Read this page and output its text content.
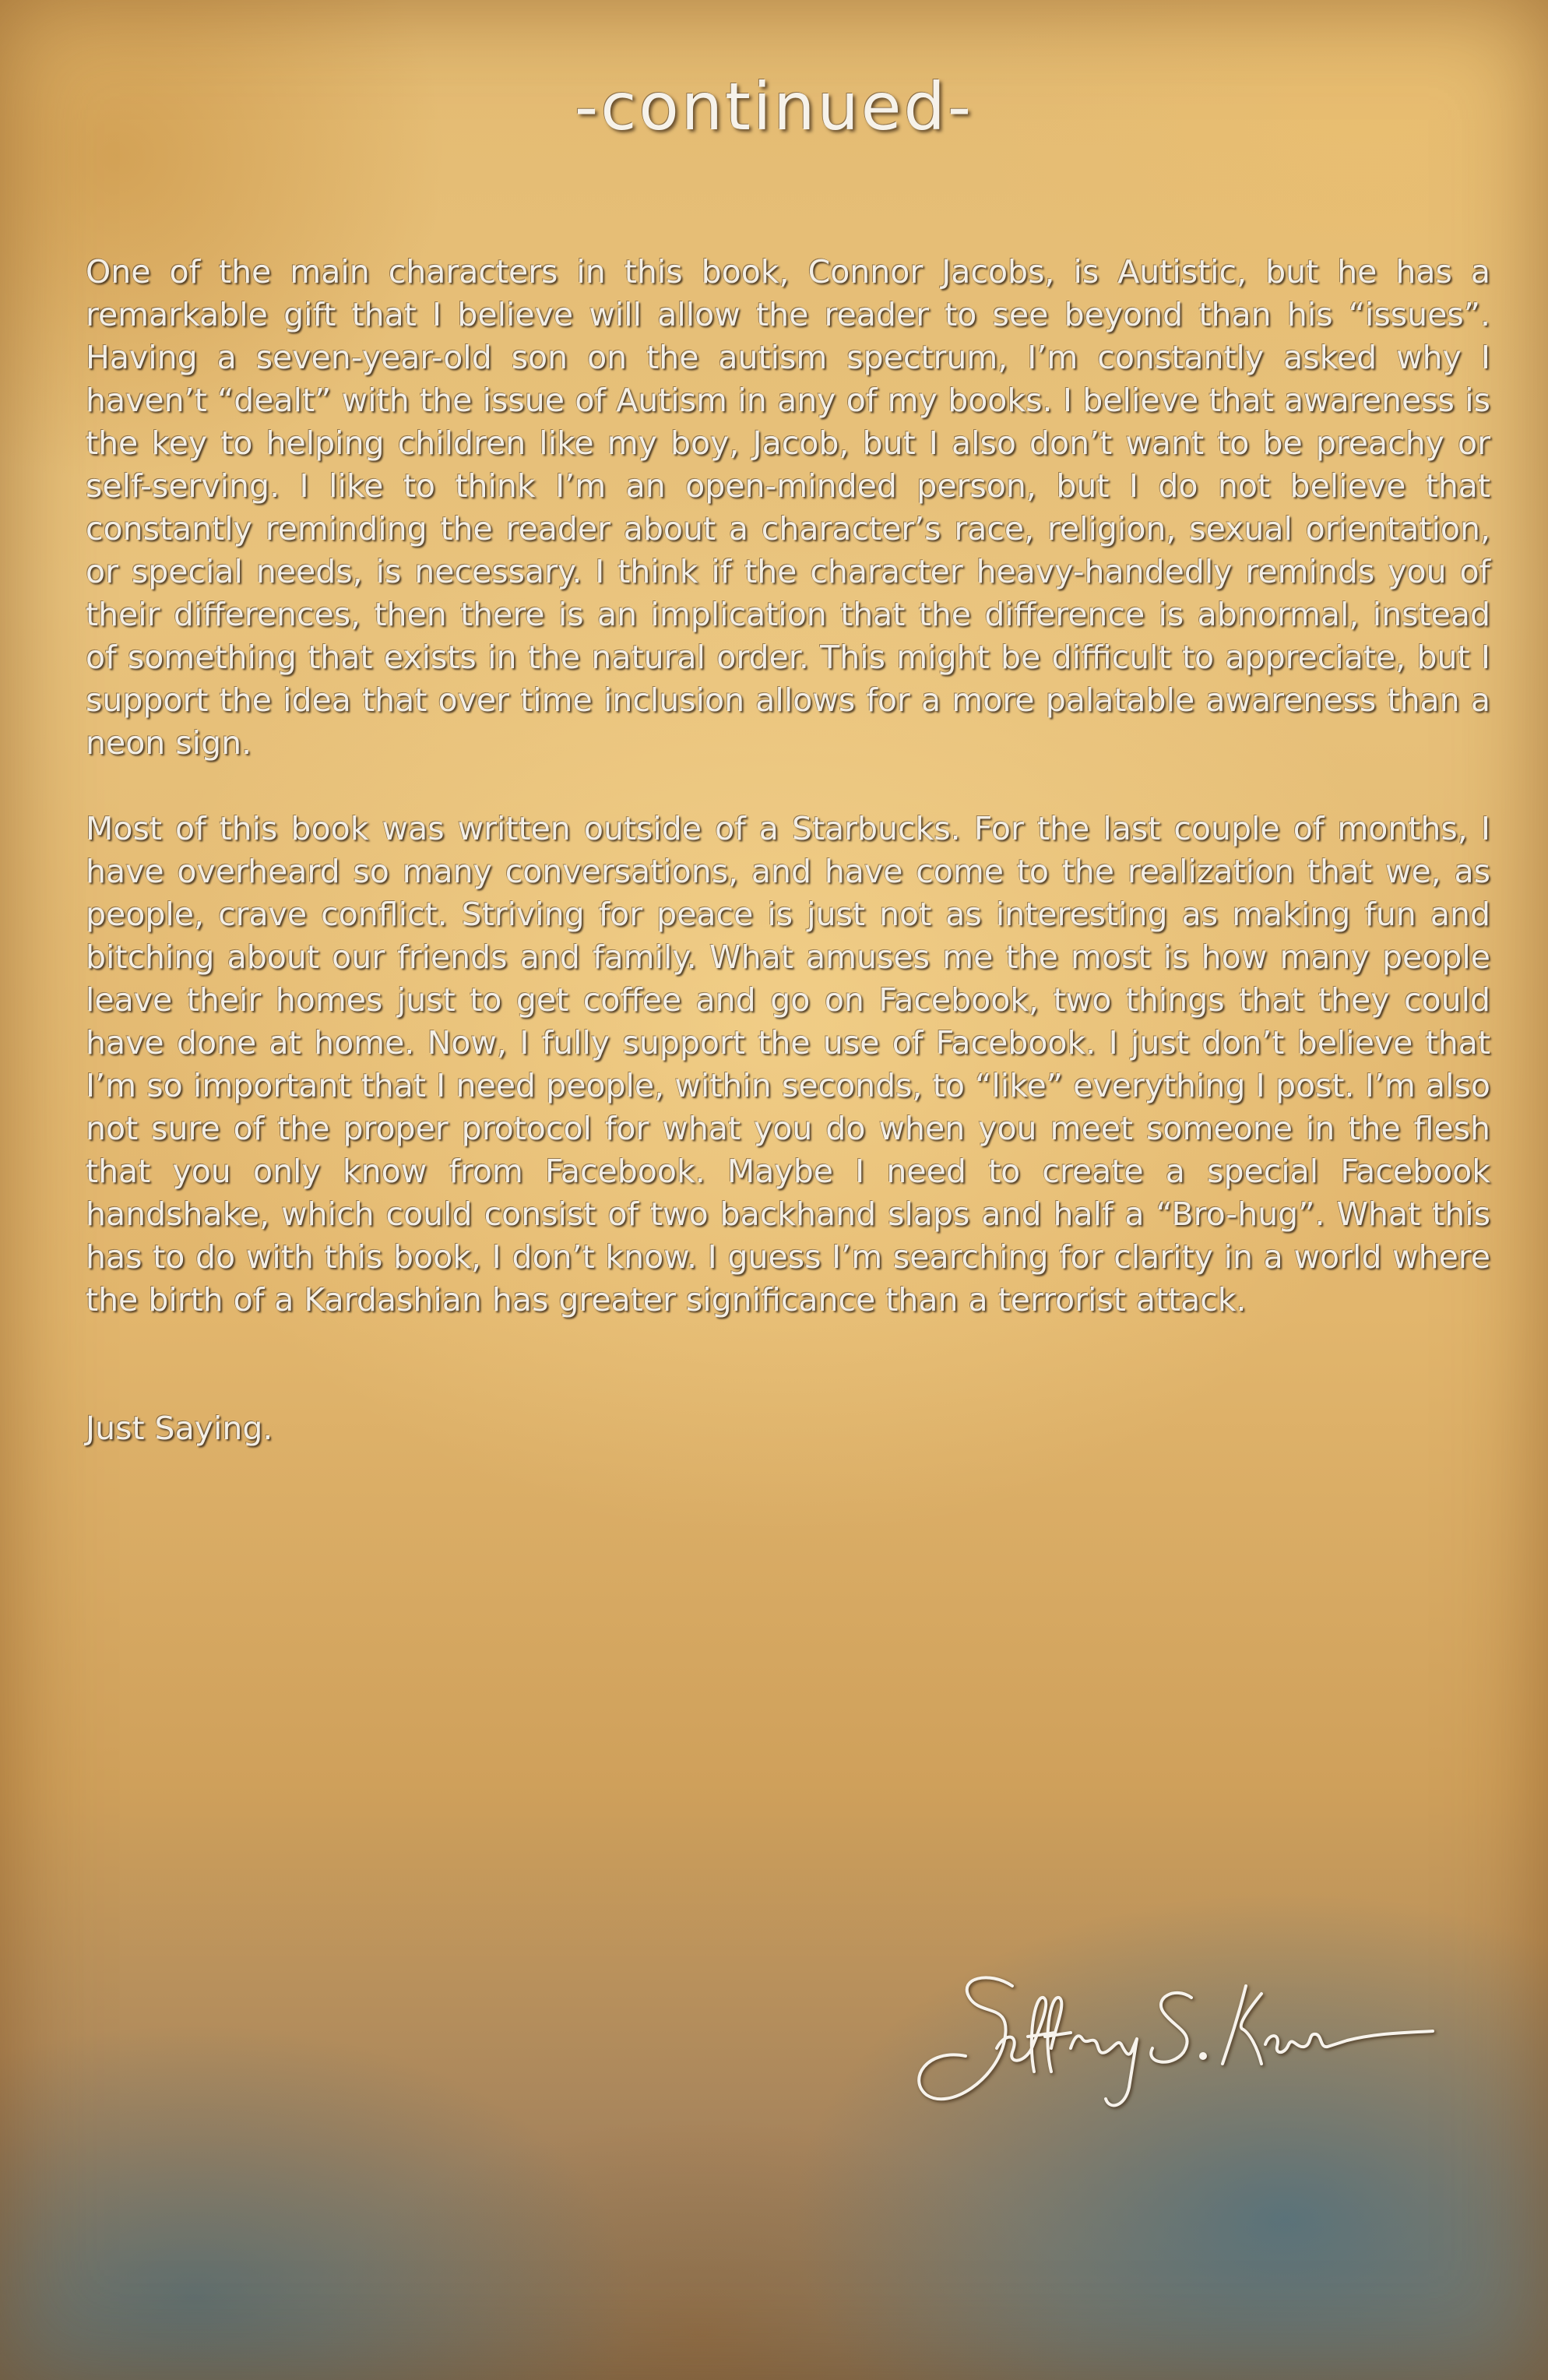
-continued-

One of the main characters in this book, Connor Jacobs, is Autistic, but he has a remarkable gift that I believe will allow the reader to see beyond than his “issues”. Having a seven-year-old son on the autism spectrum, I’m constantly asked why I haven’t “dealt” with the issue of Autism in any of my books. I believe that awareness is the key to helping children like my boy, Jacob, but I also don’t want to be preachy or self-serving. I like to think I’m an open-minded person, but I do not believe that constantly reminding the reader about a character’s race, religion, sexual orientation, or special needs, is necessary. I think if the character heavy-handedly reminds you of their differences, then there is an implication that the difference is abnormal, instead of something that exists in the natural order. This might be difficult to appreciate, but I support the idea that over time inclusion allows for a more palatable awareness than a neon sign.

Most of this book was written outside of a Starbucks. For the last couple of months, I have overheard so many conversations, and have come to the realization that we, as people, crave conflict. Striving for peace is just not as interesting as making fun and bitching about our friends and family. What amuses me the most is how many people leave their homes just to get coffee and go on Facebook, two things that they could have done at home. Now, I fully support the use of Facebook. I just don’t believe that I’m so important that I need people, within seconds, to “like” everything I post. I’m also not sure of the proper protocol for what you do when you meet someone in the flesh that you only know from Facebook. Maybe I need to create a special Facebook handshake, which could consist of two backhand slaps and half a “Bro-hug”. What this has to do with this book, I don’t know. I guess I’m searching for clarity in a world where the birth of a Kardashian has greater significance than a terrorist attack.

Just Saying.
